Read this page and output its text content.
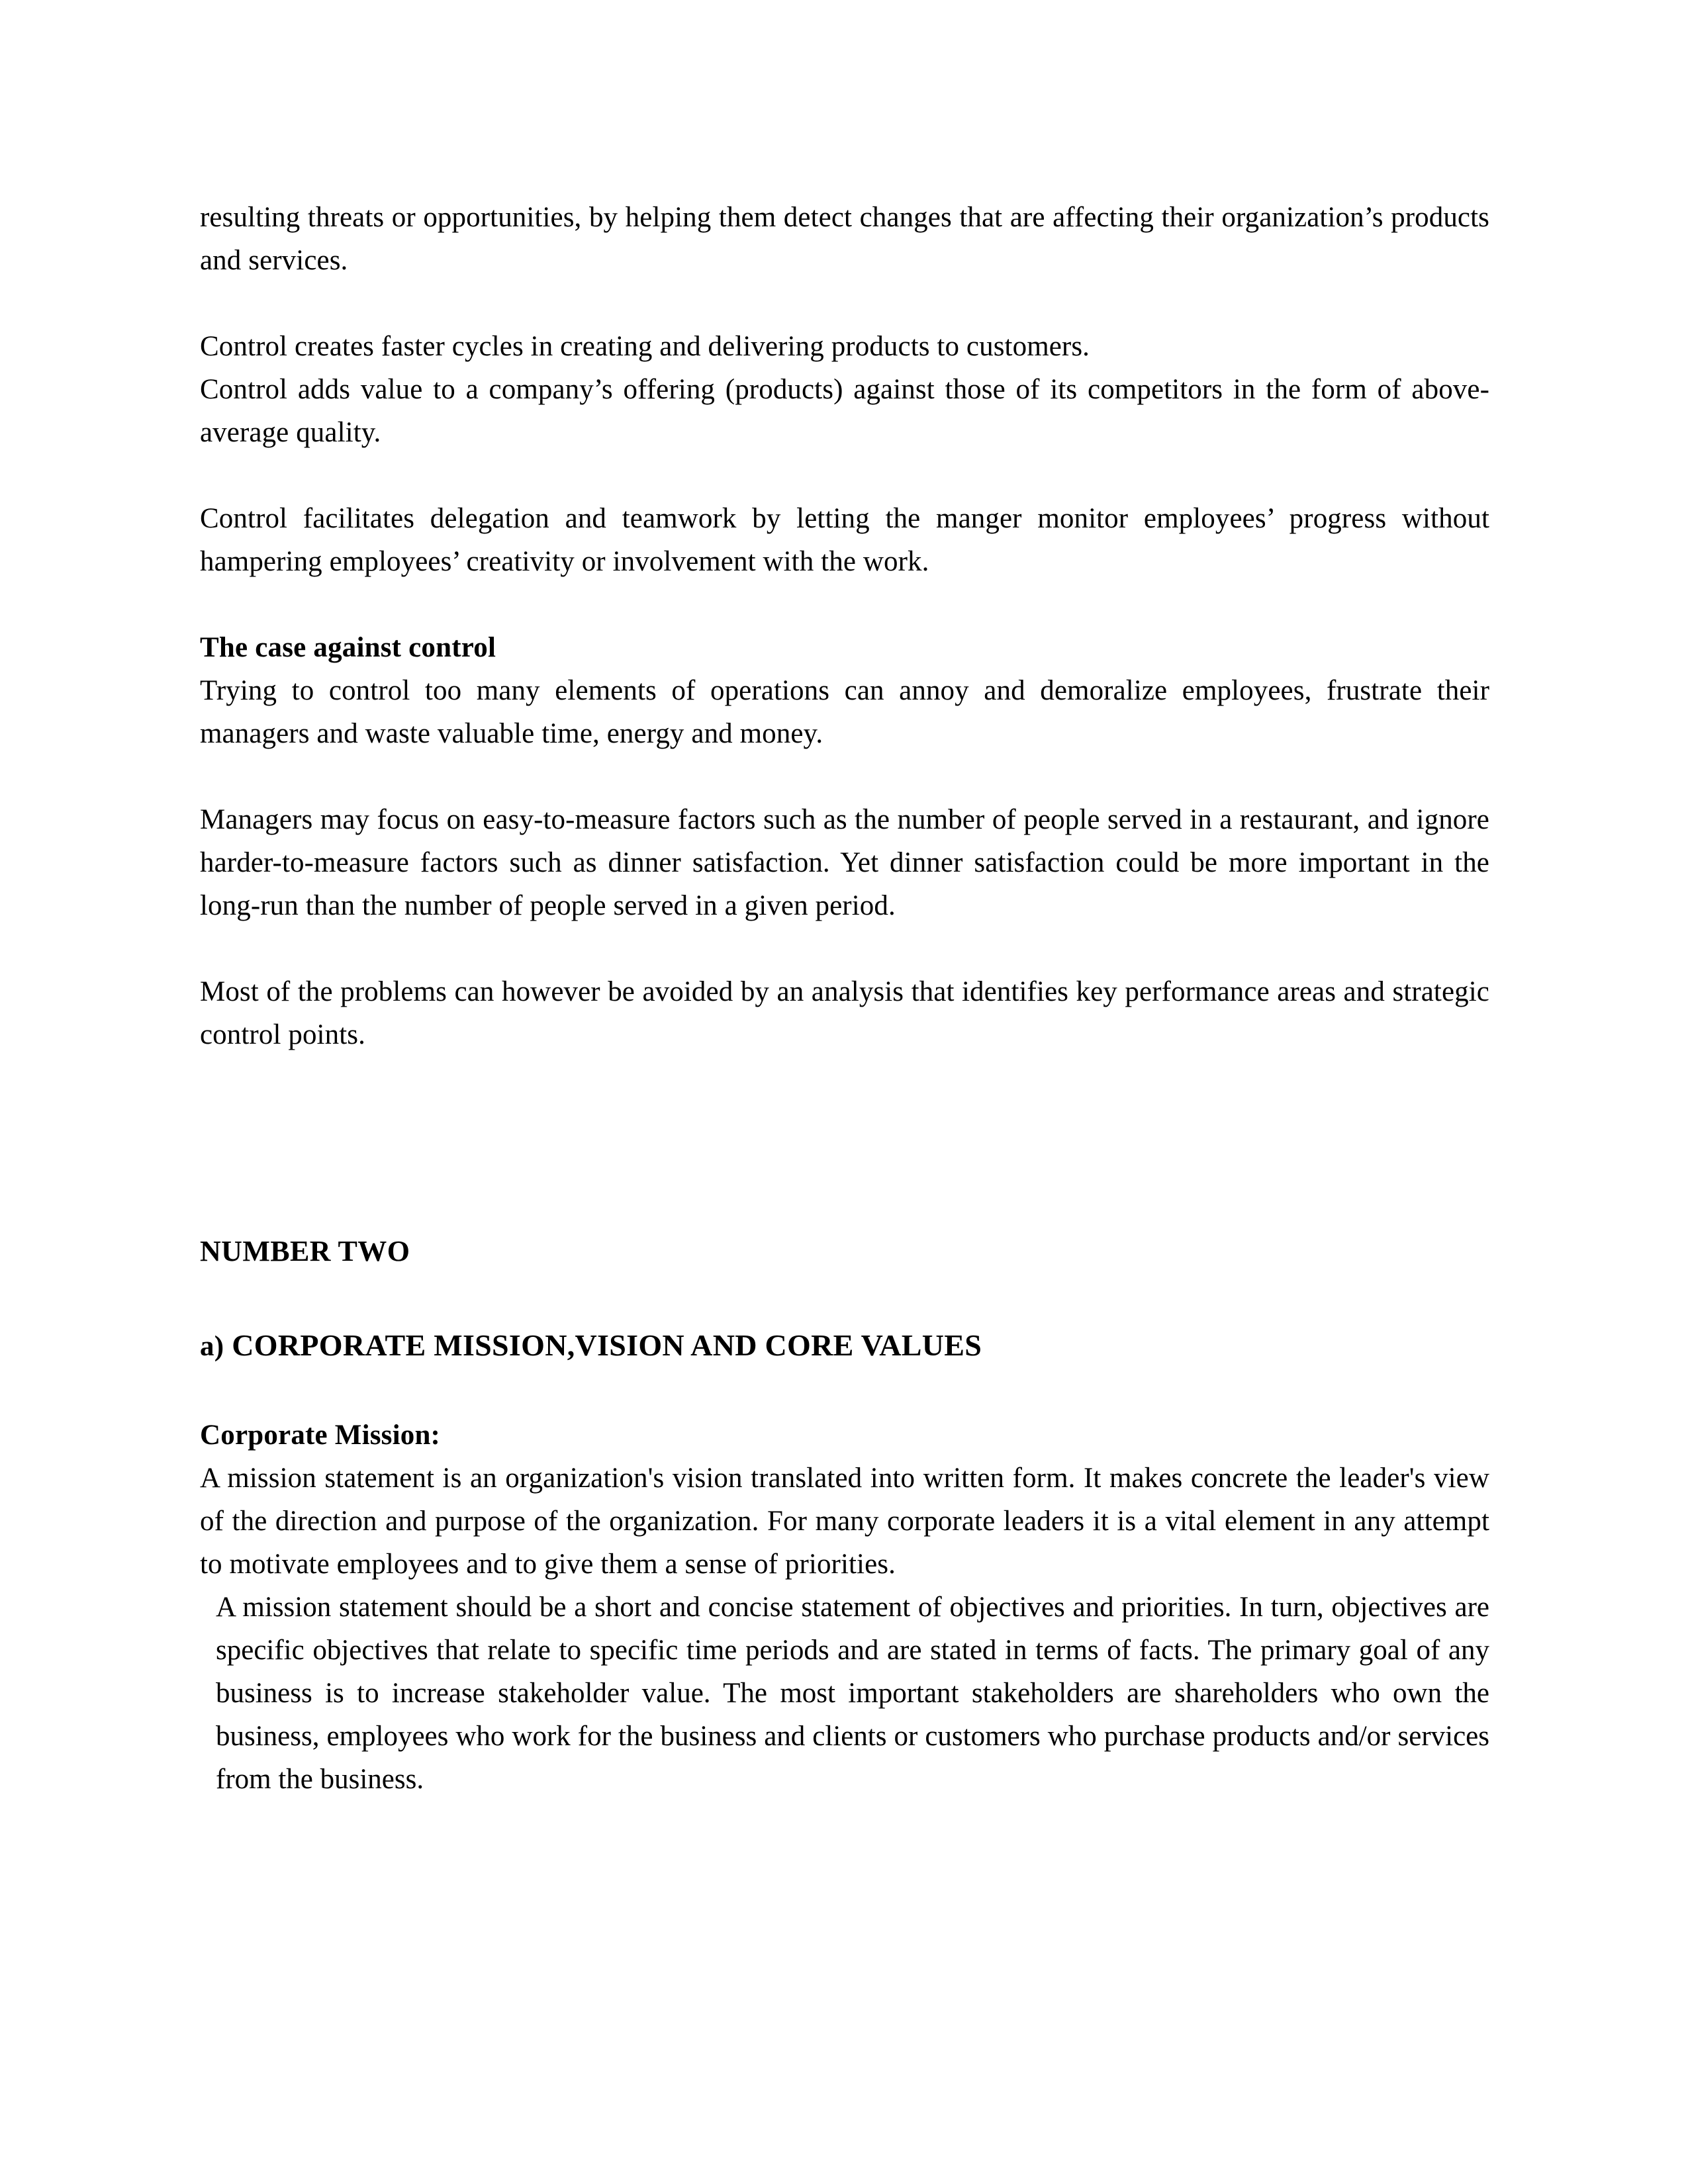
resulting threats or opportunities, by helping them detect changes that are affecting their organization’s products and services.

Control creates faster cycles in creating and delivering products to customers.

Control adds value to a company’s offering (products) against those of its competitors in the form of above-average quality.

Control facilitates delegation and teamwork by letting the manger monitor employees’ progress without hampering employees’ creativity or involvement with the work.

The case against control

Trying to control too many elements of operations can annoy and demoralize employees, frustrate their managers and waste valuable time, energy and money.

Managers may focus on easy-to-measure factors such as the number of people served in a restaurant, and ignore harder-to-measure factors such as dinner satisfaction. Yet dinner satisfaction could be more important in the long-run than the number of people served in a given period.

Most of the problems can however be avoided by an analysis that identifies key performance areas and strategic control points.

NUMBER TWO
a) CORPORATE MISSION,VISION AND CORE VALUES
Corporate Mission:

A mission statement is an organization's vision translated into written form. It makes concrete the leader's view of the direction and purpose of the organization. For many corporate leaders it is a vital element in any attempt to motivate employees and to give them a sense of priorities.

A mission statement should be a short and concise statement of objectives and priorities. In turn, objectives are specific objectives that relate to specific time periods and are stated in terms of facts. The primary goal of any business is to increase stakeholder value. The most important stakeholders are shareholders who own the business, employees who work for the business and clients or customers who purchase products and/or services from the business.
